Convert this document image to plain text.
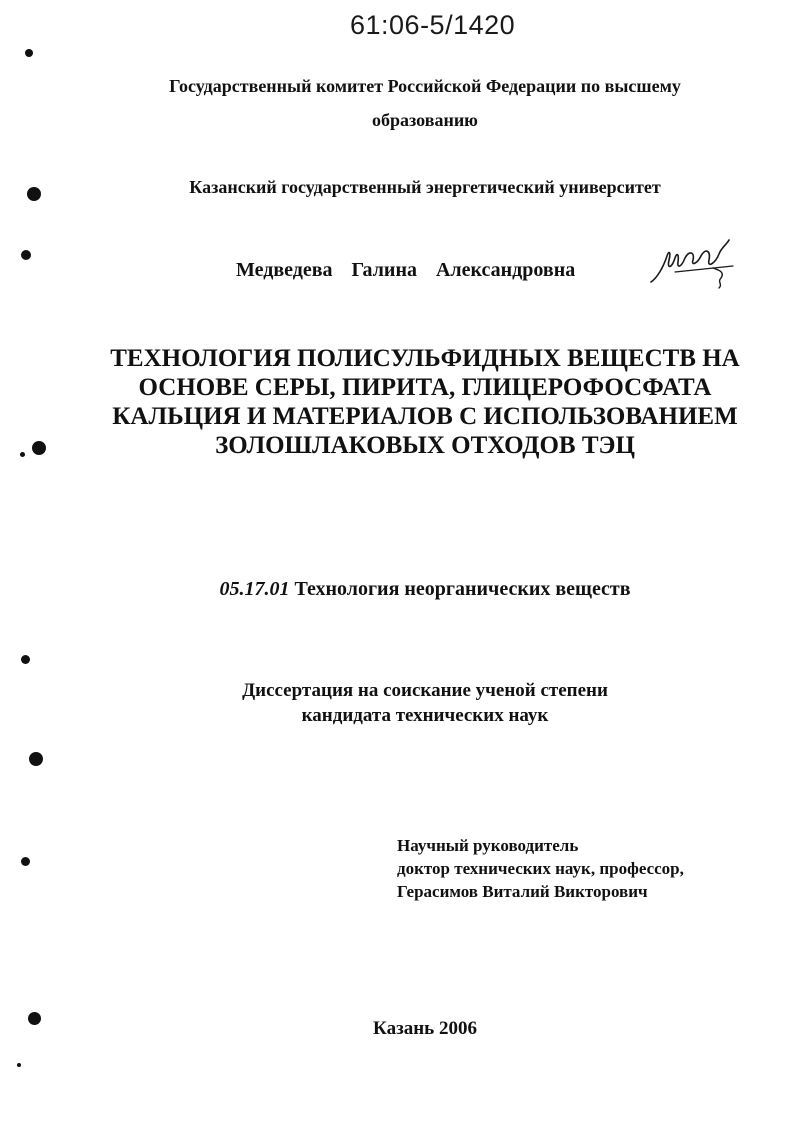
61:06-5/1420
Государственный комитет Российской Федерации по высшему
образованию
Казанский государственный энергетический университет
Медведева Галина Александровна
ТЕХНОЛОГИЯ ПОЛИСУЛЬФИДНЫХ ВЕЩЕСТВ НА
ОСНОВЕ СЕРЫ, ПИРИТА, ГЛИЦЕРОФОСФАТА
КАЛЬЦИЯ И МАТЕРИАЛОВ С ИСПОЛЬЗОВАНИЕМ
ЗОЛОШЛАКОВЫХ ОТХОДОВ ТЭЦ
05.17.01 Технология неорганических веществ
Диссертация на соискание ученой степени
кандидата технических наук
Научный руководитель
доктор технических наук, профессор,
Герасимов Виталий Викторович
Казань 2006
